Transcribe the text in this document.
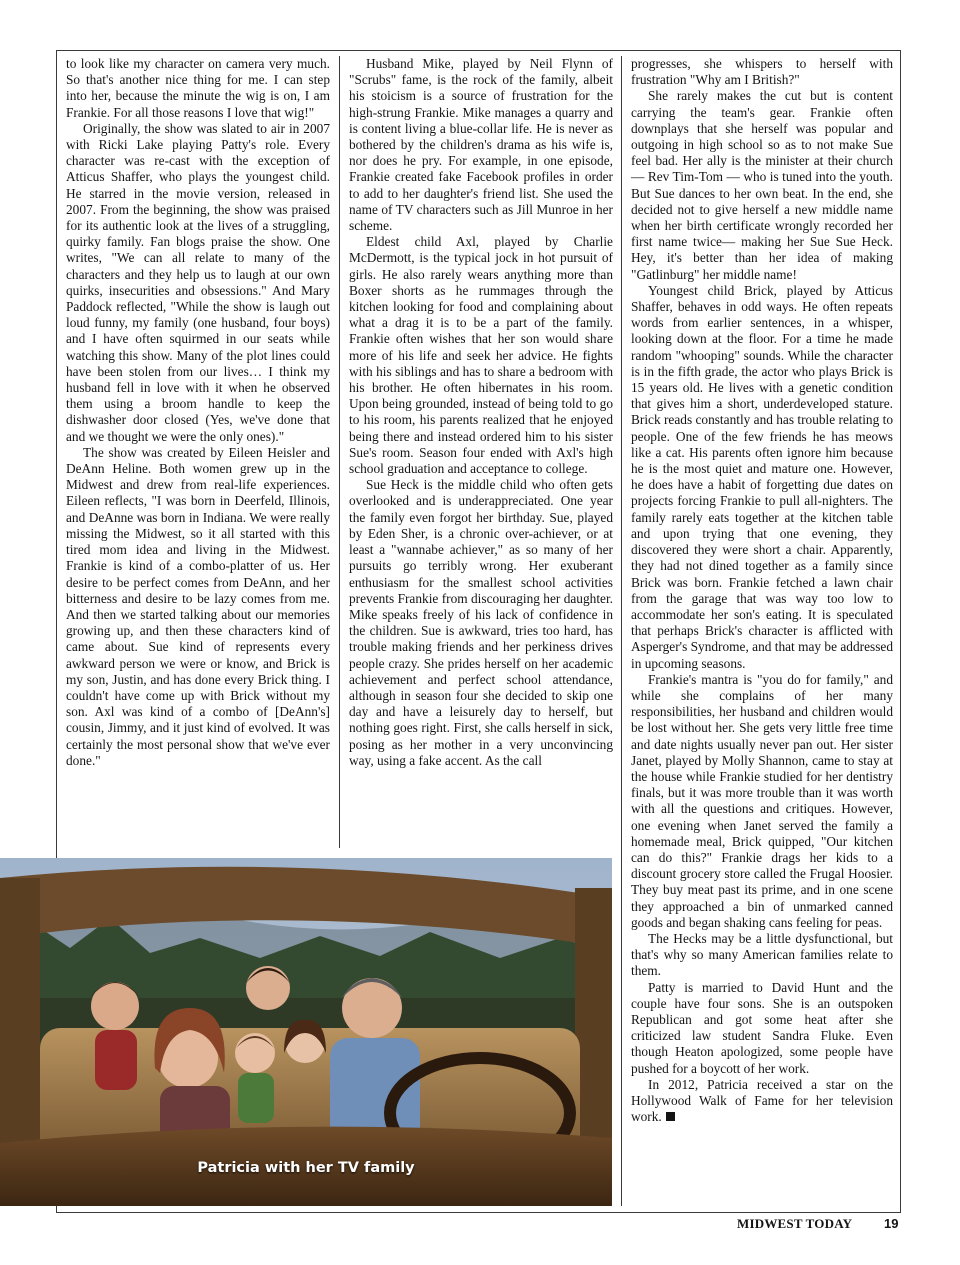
to look like my character on camera very much. So that's another nice thing for me. I can step into her, because the minute the wig is on, I am Frankie. For all those reasons I love that wig!"

Originally, the show was slated to air in 2007 with Ricki Lake playing Patty's role. Every character was re-cast with the exception of Atticus Shaffer, who plays the youngest child. He starred in the movie version, released in 2007. From the beginning, the show was praised for its authentic look at the lives of a struggling, quirky family. Fan blogs praise the show. One writes, "We can all relate to many of the characters and they help us to laugh at our own quirks, insecurities and obsessions." And Mary Paddock reflected, "While the show is laugh out loud funny, my family (one husband, four boys) and I have often squirmed in our seats while watching this show. Many of the plot lines could have been stolen from our lives… I think my husband fell in love with it when he observed them using a broom handle to keep the dishwasher door closed (Yes, we've done that and we thought we were the only ones)."

The show was created by Eileen Heisler and DeAnn Heline. Both women grew up in the Midwest and drew from real-life experiences. Eileen reflects, "I was born in Deerfeld, Illinois, and DeAnne was born in Indiana. We were really missing the Midwest, so it all started with this tired mom idea and living in the Midwest. Frankie is kind of a combo-platter of us. Her desire to be perfect comes from DeAnn, and her bitterness and desire to be lazy comes from me. And then we started talking about our memories growing up, and then these characters kind of came about. Sue kind of represents every awkward person we were or know, and Brick is my son, Justin, and has done every Brick thing. I couldn't have come up with Brick without my son. Axl was kind of a combo of [DeAnn's] cousin, Jimmy, and it just kind of evolved. It was certainly the most personal show that we've ever done."

Husband Mike, played by Neil Flynn of "Scrubs" fame, is the rock of the family, albeit his stoicism is a source of frustration for the high-strung Frankie. Mike manages a quarry and is content living a blue-collar life. He is never as bothered by the children's drama as his wife is, nor does he pry. For example, in one episode, Frankie created fake Facebook profiles in order to add to her daughter's friend list. She used the name of TV characters such as Jill Munroe in her scheme.

Eldest child Axl, played by Charlie McDermott, is the typical jock in hot pursuit of girls. He also rarely wears anything more than Boxer shorts as he rummages through the kitchen looking for food and complaining about what a drag it is to be a part of the family. Frankie often wishes that her son would share more of his life and seek her advice. He fights with his siblings and has to share a bedroom with his brother. He often hibernates in his room. Upon being grounded, instead of being told to go to his room, his parents realized that he enjoyed being there and instead ordered him to his sister Sue's room. Season four ended with Axl's high school graduation and acceptance to college.

Sue Heck is the middle child who often gets overlooked and is underappreciated. One year the family even forgot her birthday. Sue, played by Eden Sher, is a chronic over-achiever, or at least a "wannabe achiever," as so many of her pursuits go terribly wrong. Her exuberant enthusiasm for the smallest school activities prevents Frankie from discouraging her daughter. Mike speaks freely of his lack of confidence in the children. Sue is awkward, tries too hard, has trouble making friends and her perkiness drives people crazy. She prides herself on her academic achievement and perfect school attendance, although in season four she decided to skip one day and have a leisurely day to herself, but nothing goes right. First, she calls herself in sick, posing as her mother in a very unconvincing way, using a fake accent. As the call

progresses, she whispers to herself with frustration "Why am I British?"

She rarely makes the cut but is content carrying the team's gear. Frankie often downplays that she herself was popular and outgoing in high school so as to not make Sue feel bad. Her ally is the minister at their church — Rev Tim-Tom — who is tuned into the youth. But Sue dances to her own beat. In the end, she decided not to give herself a new middle name when her birth certificate wrongly recorded her first name twice— making her Sue Sue Heck. Hey, it's better than her idea of making "Gatlinburg" her middle name!

Youngest child Brick, played by Atticus Shaffer, behaves in odd ways. He often repeats words from earlier sentences, in a whisper, looking down at the floor. For a time he made random "whooping" sounds. While the character is in the fifth grade, the actor who plays Brick is 15 years old. He lives with a genetic condition that gives him a short, underdeveloped stature. Brick reads constantly and has trouble relating to people. One of the few friends he has meows like a cat. His parents often ignore him because he is the most quiet and mature one. However, he does have a habit of forgetting due dates on projects forcing Frankie to pull all-nighters. The family rarely eats together at the kitchen table and upon trying that one evening, they discovered they were short a chair. Apparently, they had not dined together as a family since Brick was born. Frankie fetched a lawn chair from the garage that was way too low to accommodate her son's eating. It is speculated that perhaps Brick's character is afflicted with Asperger's Syndrome, and that may be addressed in upcoming seasons.

Frankie's mantra is "you do for family," and while she complains of her many responsibilities, her husband and children would be lost without her. She gets very little free time and date nights usually never pan out. Her sister Janet, played by Molly Shannon, came to stay at the house while Frankie studied for her dentistry finals, but it was more trouble than it was worth with all the questions and critiques. However, one evening when Janet served the family a homemade meal, Brick quipped, "Our kitchen can do this?" Frankie drags her kids to a discount grocery store called the Frugal Hoosier. They buy meat past its prime, and in one scene they approached a bin of unmarked canned goods and began shaking cans feeling for peas.

The Hecks may be a little dysfunctional, but that's why so many American families relate to them.

Patty is married to David Hunt and the couple have four sons. She is an outspoken Republican and got some heat after she criticized law student Sandra Fluke. Even though Heaton apologized, some people have pushed for a boycott of her work.

In 2012, Patricia received a star on the Hollywood Walk of Fame for her television work.

Patricia with her TV family
MIDWEST TODAY 19
